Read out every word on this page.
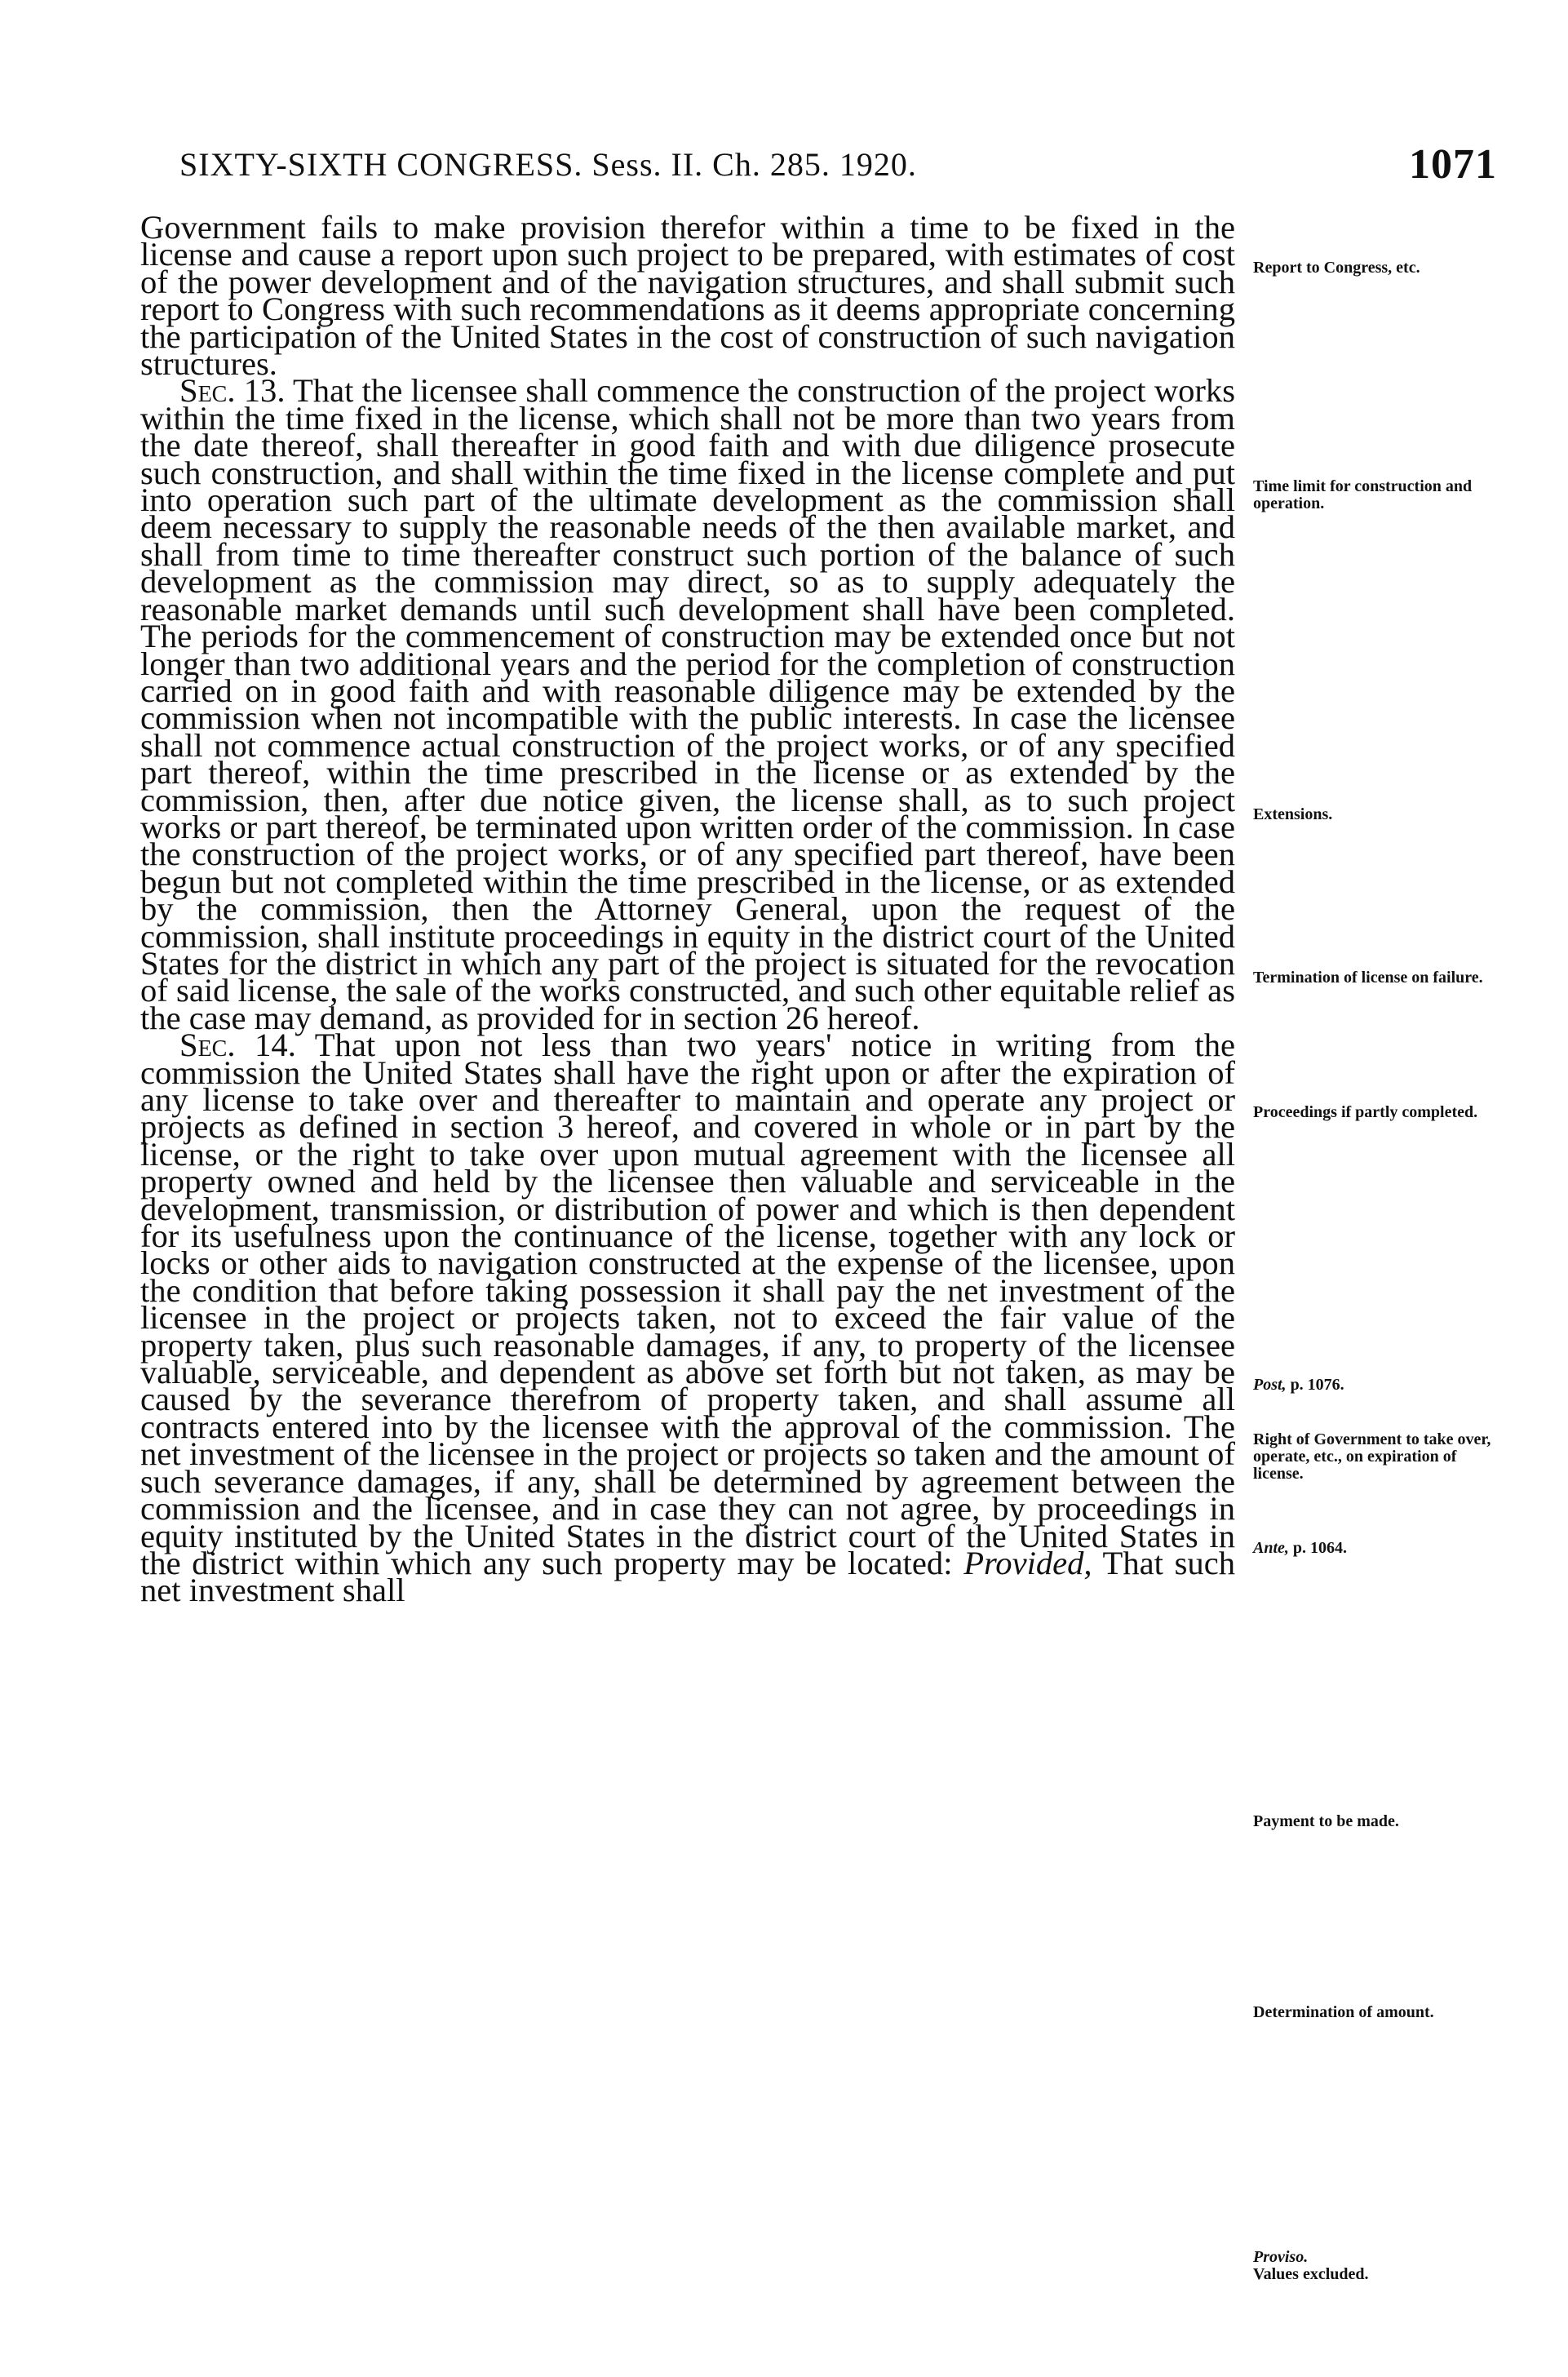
SIXTY-SIXTH CONGRESS. Sess. II. Ch. 285. 1920.	1071

Government fails to make provision therefor within a time to be fixed in the license and cause a report upon such project to be prepared, with estimates of cost of the power development and of the navigation structures, and shall submit such report to Congress with such recommendations as it deems appropriate concerning the participation of the United States in the cost of construction of such navigation structures.

Sec. 13. That the licensee shall commence the construction of the project works within the time fixed in the license, which shall not be more than two years from the date thereof, shall thereafter in good faith and with due diligence prosecute such construction, and shall within the time fixed in the license complete and put into operation such part of the ultimate development as the commission shall deem necessary to supply the reasonable needs of the then available market, and shall from time to time thereafter construct such portion of the balance of such development as the commission may direct, so as to supply adequately the reasonable market demands until such development shall have been completed. The periods for the commencement of construction may be extended once but not longer than two additional years and the period for the completion of construction carried on in good faith and with reasonable diligence may be extended by the commission when not incompatible with the public interests. In case the licensee shall not commence actual construction of the project works, or of any specified part thereof, within the time prescribed in the license or as extended by the commission, then, after due notice given, the license shall, as to such project works or part thereof, be terminated upon written order of the commission. In case the construction of the project works, or of any specified part thereof, have been begun but not completed within the time prescribed in the license, or as extended by the commission, then the Attorney General, upon the request of the commission, shall institute proceedings in equity in the district court of the United States for the district in which any part of the project is situated for the revocation of said license, the sale of the works constructed, and such other equitable relief as the case may demand, as provided for in section 26 hereof.

Sec. 14. That upon not less than two years' notice in writing from the commission the United States shall have the right upon or after the expiration of any license to take over and thereafter to maintain and operate any project or projects as defined in section 3 hereof, and covered in whole or in part by the license, or the right to take over upon mutual agreement with the licensee all property owned and held by the licensee then valuable and serviceable in the development, transmission, or distribution of power and which is then dependent for its usefulness upon the continuance of the license, together with any lock or locks or other aids to navigation constructed at the expense of the licensee, upon the condition that before taking possession it shall pay the net investment of the licensee in the project or projects taken, not to exceed the fair value of the property taken, plus such reasonable damages, if any, to property of the licensee valuable, serviceable, and dependent as above set forth but not taken, as may be caused by the severance therefrom of property taken, and shall assume all contracts entered into by the licensee with the approval of the commission. The net investment of the licensee in the project or projects so taken and the amount of such severance damages, if any, shall be determined by agreement between the commission and the licensee, and in case they can not agree, by proceedings in equity instituted by the United States in the district court of the United States in the district within which any such property may be located: Provided, That such net investment shall

Report to Congress, etc.
Time limit for construction and operation.
Extensions.
Termination of license on failure.
Proceedings if partly completed.
Post, p. 1076.
Right of Government to take over, operate, etc., on expiration of license.
Ante, p. 1064.
Payment to be made.
Determination of amount.
Proviso.
Values excluded.
